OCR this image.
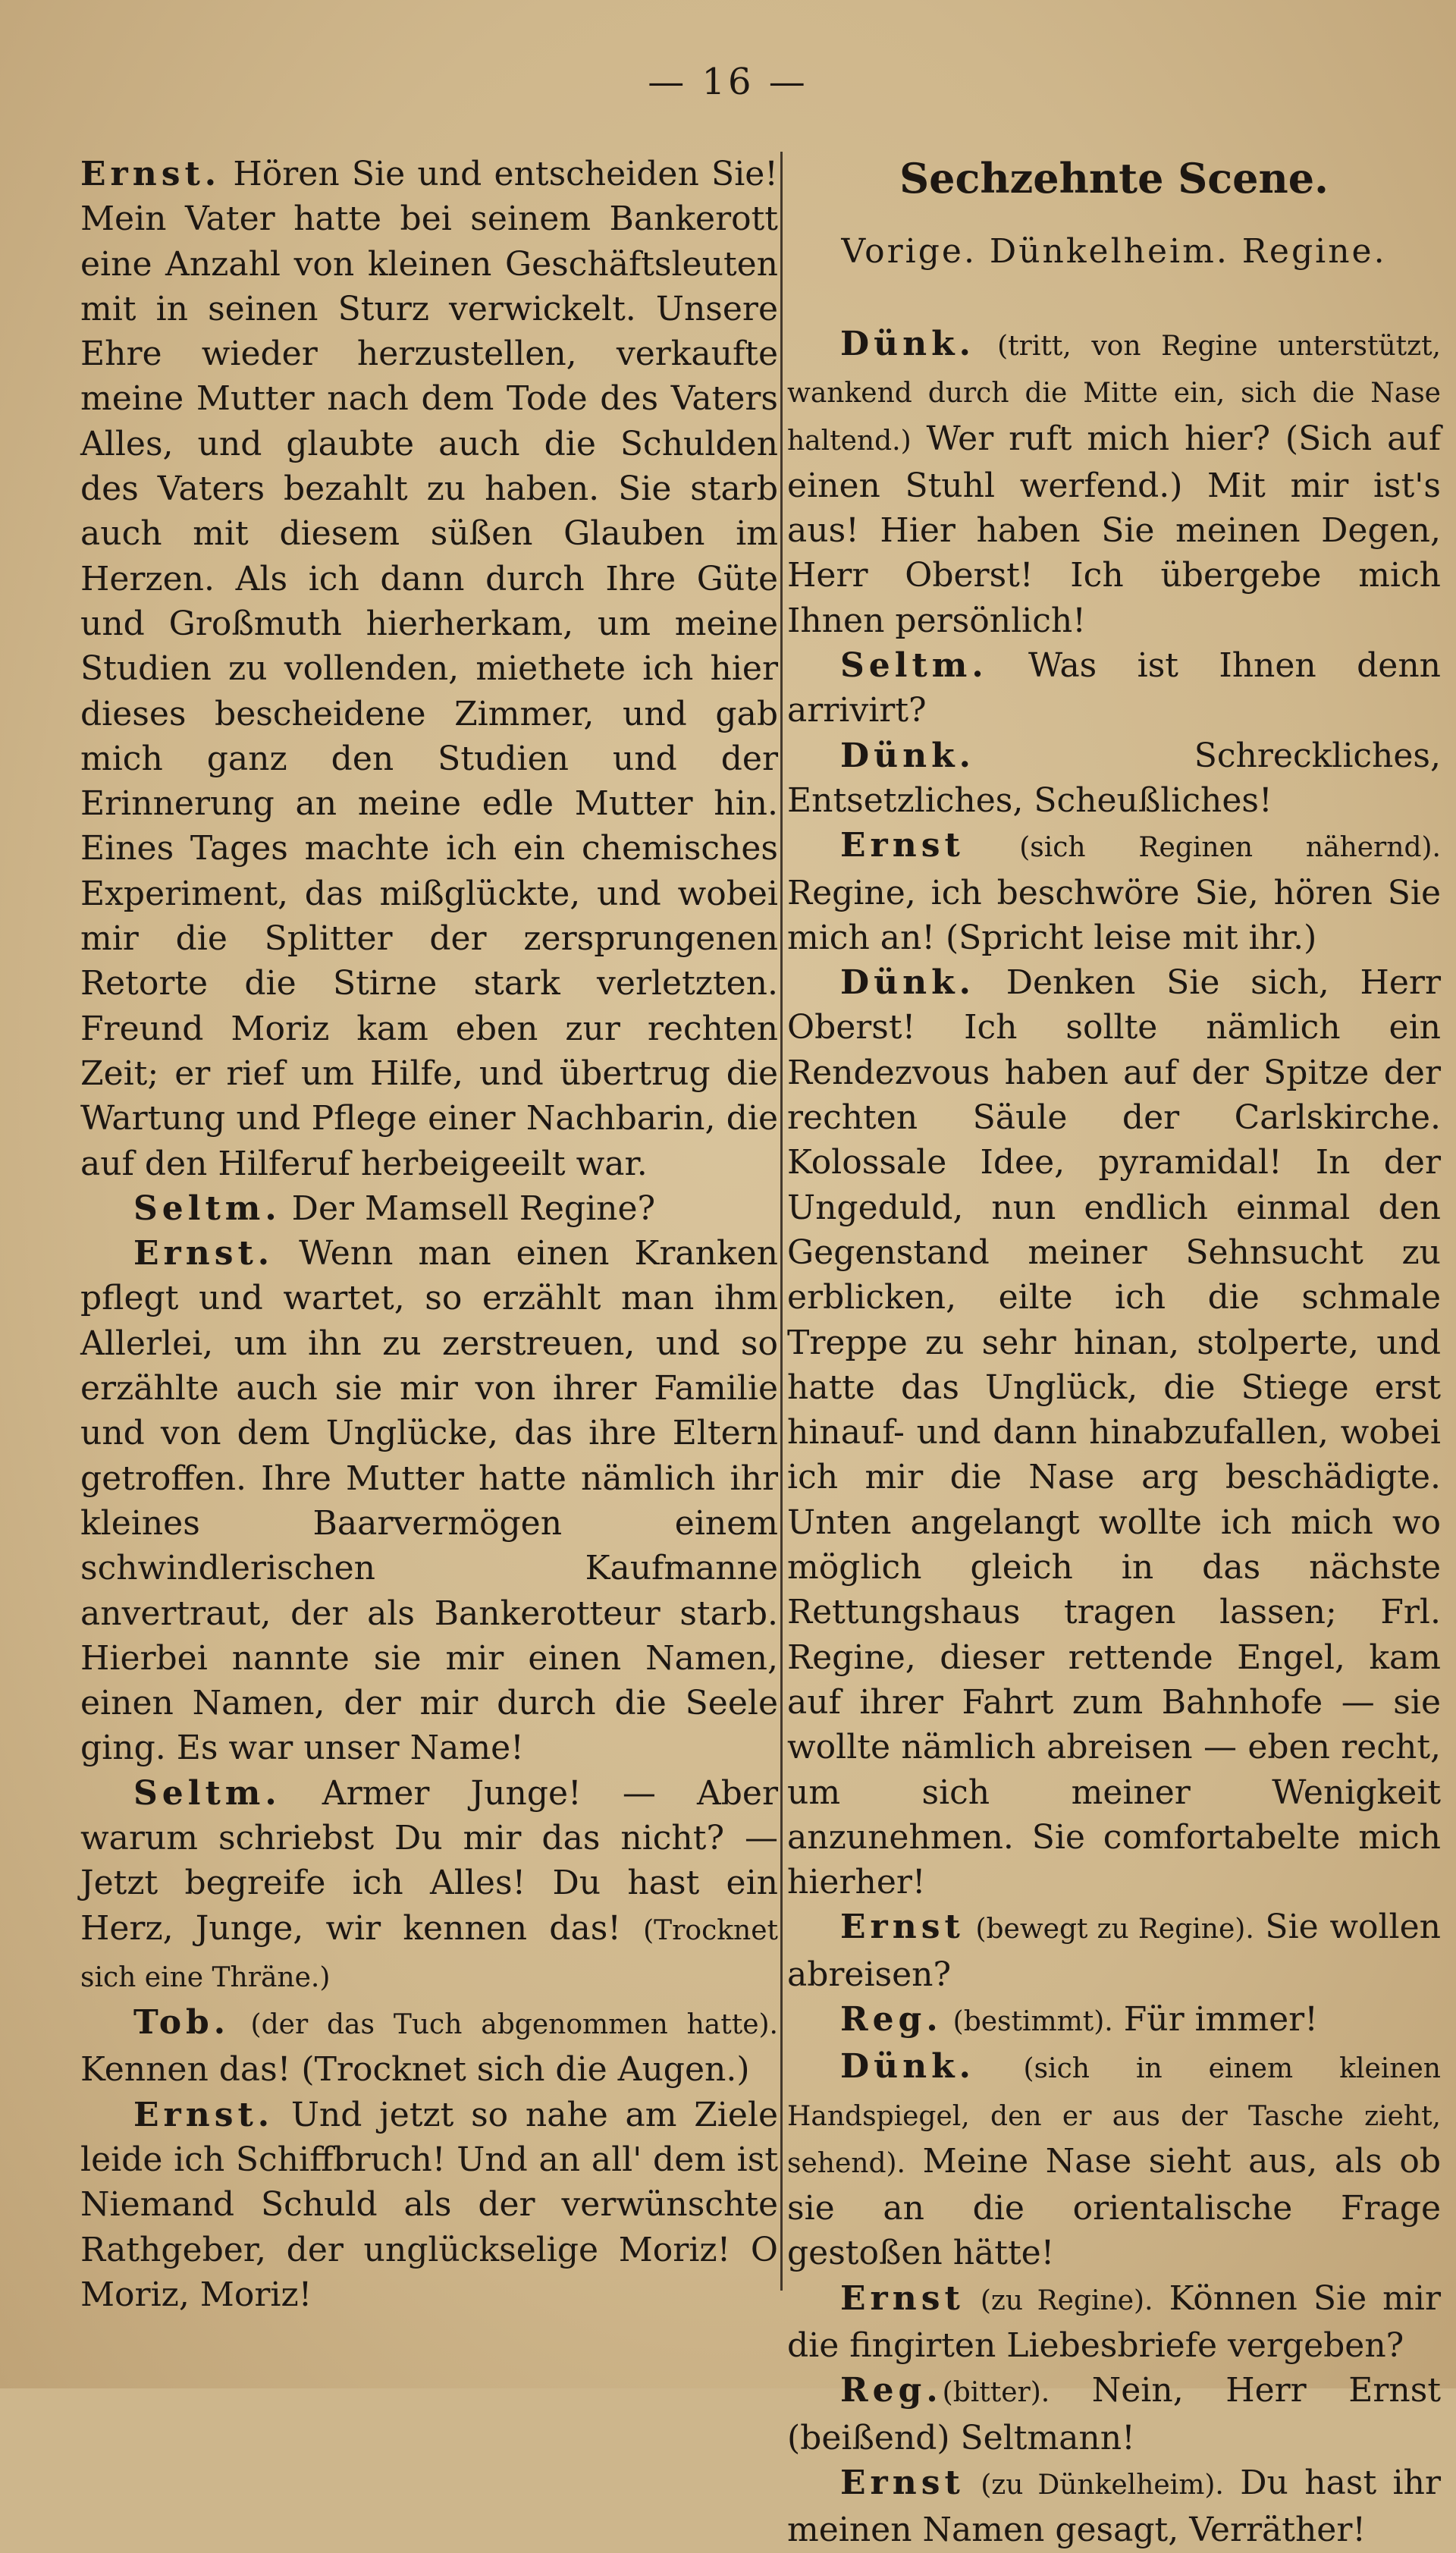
— 16 —

Ernst. Hören Sie und entscheiden Sie! Mein Vater hatte bei seinem Bankerott eine Anzahl von kleinen Geschäftsleuten mit in seinen Sturz verwickelt. Unsere Ehre wieder herzustellen, verkaufte meine Mutter nach dem Tode des Vaters Alles, und glaubte auch die Schulden des Vaters bezahlt zu haben. Sie starb auch mit diesem süßen Glauben im Herzen. Als ich dann durch Ihre Güte und Großmuth hierherkam, um meine Studien zu vollenden, miethete ich hier dieses bescheidene Zimmer, und gab mich ganz den Studien und der Erinnerung an meine edle Mutter hin. Eines Tages machte ich ein chemisches Experiment, das mißglückte, und wobei mir die Splitter der zersprungenen Retorte die Stirne stark verletzten. Freund Moriz kam eben zur rechten Zeit; er rief um Hilfe, und übertrug die Wartung und Pflege einer Nachbarin, die auf den Hilferuf herbeigeeilt war.

Seltm. Der Mamsell Regine?

Ernst. Wenn man einen Kranken pflegt und wartet, so erzählt man ihm Allerlei, um ihn zu zerstreuen, und so erzählte auch sie mir von ihrer Familie und von dem Unglücke, das ihre Eltern getroffen. Ihre Mutter hatte nämlich ihr kleines Baarvermögen einem schwindlerischen Kaufmanne anvertraut, der als Bankerotteur starb. Hierbei nannte sie mir einen Namen, einen Namen, der mir durch die Seele ging. Es war unser Name!

Seltm. Armer Junge! — Aber warum schriebst Du mir das nicht? — Jetzt begreife ich Alles! Du hast ein Herz, Junge, wir kennen das! (Trocknet sich eine Thräne.)

Tob. (der das Tuch abgenommen hatte). Kennen das! (Trocknet sich die Augen.)

Ernst. Und jetzt so nahe am Ziele leide ich Schiffbruch! Und an all' dem ist Niemand Schuld als der verwünschte Rathgeber, der unglückselige Moriz! O Moriz, Moriz!

Sechzehnte Scene.
Vorige. Dünkelheim. Regine.

Dünk. (tritt, von Regine unterstützt, wankend durch die Mitte ein, sich die Nase haltend.) Wer ruft mich hier? (Sich auf einen Stuhl werfend.) Mit mir ist's aus! Hier haben Sie meinen Degen, Herr Oberst! Ich übergebe mich Ihnen persönlich!

Seltm. Was ist Ihnen denn arrivirt?

Dünk. Schreckliches, Entsetzliches, Scheußliches!

Ernst (sich Reginen nähernd). Regine, ich beschwöre Sie, hören Sie mich an! (Spricht leise mit ihr.)

Dünk. Denken Sie sich, Herr Oberst! Ich sollte nämlich ein Rendezvous haben auf der Spitze der rechten Säule der Carlskirche. Kolossale Idee, pyramidal! In der Ungeduld, nun endlich einmal den Gegenstand meiner Sehnsucht zu erblicken, eilte ich die schmale Treppe zu sehr hinan, stolperte, und hatte das Unglück, die Stiege erst hinauf- und dann hinabzufallen, wobei ich mir die Nase arg beschädigte. Unten angelangt wollte ich mich wo möglich gleich in das nächste Rettungshaus tragen lassen; Frl. Regine, dieser rettende Engel, kam auf ihrer Fahrt zum Bahnhofe — sie wollte nämlich abreisen — eben recht, um sich meiner Wenigkeit anzunehmen. Sie comfortabelte mich hierher!

Ernst (bewegt zu Regine). Sie wollen abreisen?

Reg. (bestimmt). Für immer!

Dünk. (sich in einem kleinen Handspiegel, den er aus der Tasche zieht, sehend). Meine Nase sieht aus, als ob sie an die orientalische Frage gestoßen hätte!

Ernst (zu Regine). Können Sie mir die fingirten Liebesbriefe vergeben?

Reg.(bitter). Nein, Herr Ernst (beißend) Seltmann!

Ernst (zu Dünkelheim). Du hast ihr meinen Namen gesagt, Verräther!
